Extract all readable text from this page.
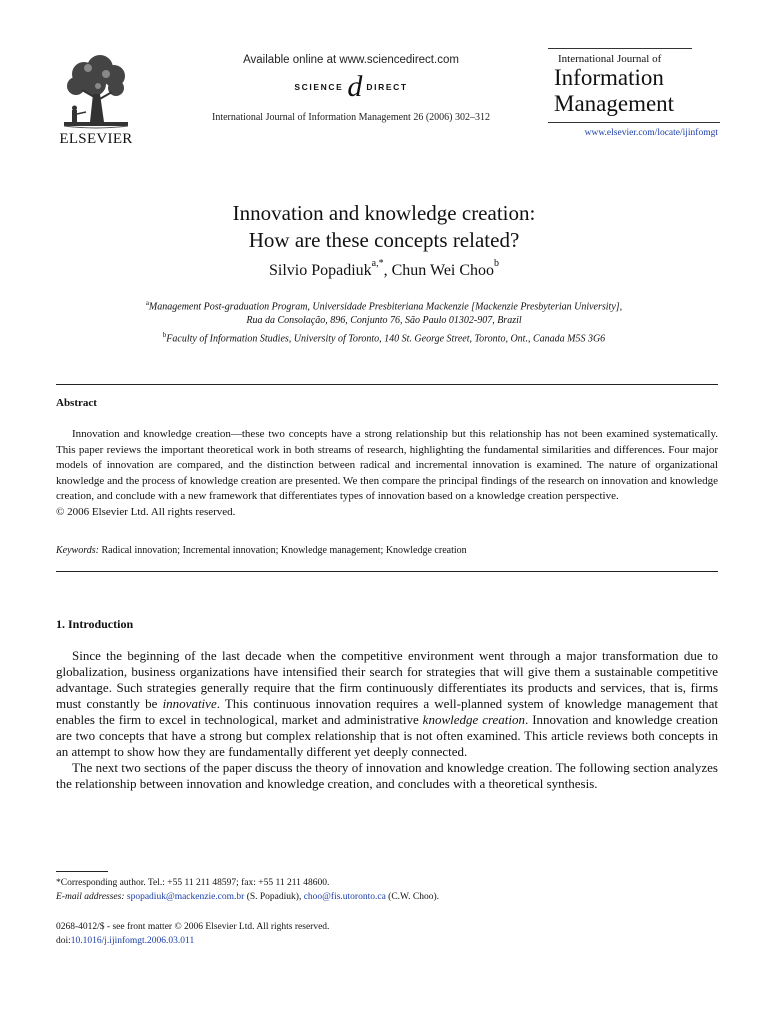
ELSEVIER
Available online at www.sciencedirect.com
SCIENCE d DIRECT
International Journal of Information Management 26 (2006) 302–312
International Journal of
Information
Management
www.elsevier.com/locate/ijinfomgt
Innovation and knowledge creation:
How are these concepts related?
Silvio Popadiuk$^{a,*}$, Chun Wei Choo$^b$
$^a$Management Post-graduation Program, Universidade Presbiteriana Mackenzie [Mackenzie Presbyterian University],
Rua da Consolação, 896, Conjunto 76, São Paulo 01302-907, Brazil
$^b$Faculty of Information Studies, University of Toronto, 140 St. George Street, Toronto, Ont., Canada M5S 3G6
Abstract
Innovation and knowledge creation—these two concepts have a strong relationship but this relationship has not been examined systematically. This paper reviews the important theoretical work in both streams of research, highlighting the fundamental similarities and differences. Four major models of innovation are compared, and the distinction between radical and incremental innovation is examined. The nature of organizational knowledge and the process of knowledge creation are presented. We then compare the principal findings of the research on innovation and knowledge creation, and conclude with a new framework that differentiates types of innovation based on a knowledge creation perspective.
© 2006 Elsevier Ltd. All rights reserved.
Keywords: Radical innovation; Incremental innovation; Knowledge management; Knowledge creation
1. Introduction

Since the beginning of the last decade when the competitive environment went through a major transformation due to globalization, business organizations have intensified their search for strategies that will give them a sustainable competitive advantage. Such strategies generally require that the firm continuously differentiates its products and services, that is, firms must constantly be innovative. This continuous innovation requires a well-planned system of knowledge management that enables the firm to excel in technological, market and administrative knowledge creation. Innovation and knowledge creation are two concepts that have a strong but complex relationship that is not often examined. This article reviews both concepts in an attempt to show how they are fundamentally different yet deeply connected.

The next two sections of the paper discuss the theory of innovation and knowledge creation. The following section analyzes the relationship between innovation and knowledge creation, and concludes with a theoretical synthesis.

*Corresponding author. Tel.: +55 11 211 48597; fax: +55 11 211 48600.
E-mail addresses: spopadiuk@mackenzie.com.br (S. Popadiuk), choo@fis.utoronto.ca (C.W. Choo).
0268-4012/$ - see front matter © 2006 Elsevier Ltd. All rights reserved.
doi:10.1016/j.ijinfomgt.2006.03.011
